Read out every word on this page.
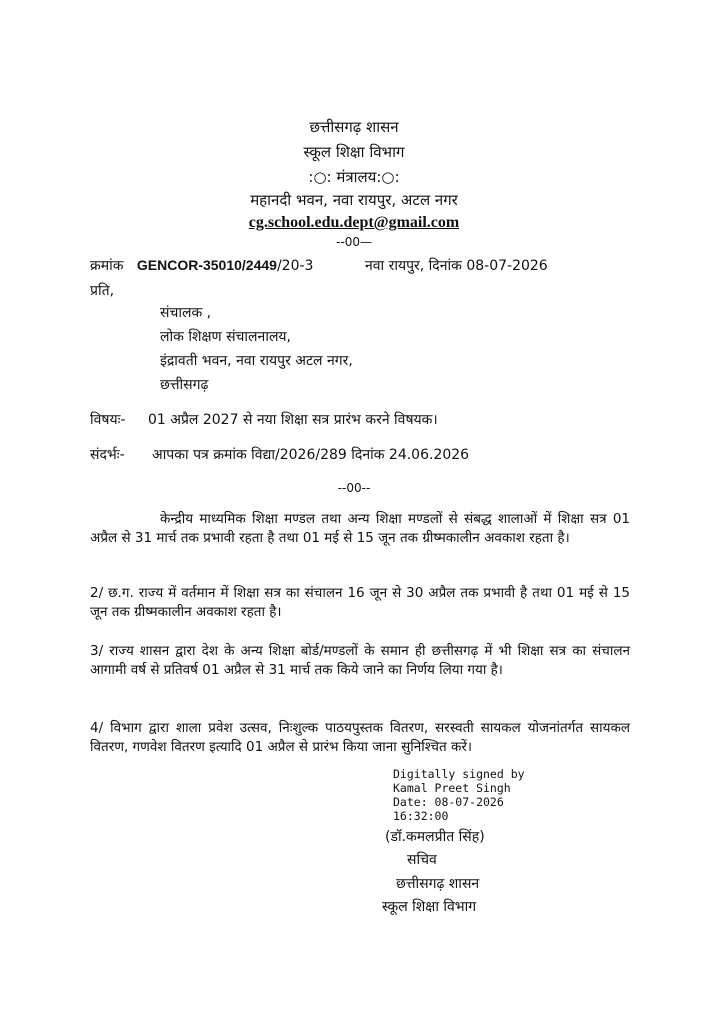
छत्तीसगढ़ शासन
स्कूल शिक्षा विभाग
:○: मंत्रालय:○:
महानदी भवन, नवा रायपुर, अटल नगर
cg.school.edu.dept@gmail.com
--00—
क्रमांक GENCOR-35010/2449/20-3	नवा रायपुर, दिनांक 08-07-2026
प्रति,
संचालक ,
लोक शिक्षण संचालनालय,
इंद्रावती भवन, नवा रायपुर अटल नगर,
छत्तीसगढ़
विषयः- 01 अप्रैल 2027 से नया शिक्षा सत्र प्रारंभ करने विषयक।
संदर्भः- आपका पत्र क्रमांक विद्या/2026/289 दिनांक 24.06.2026
--00--
केन्द्रीय माध्यमिक शिक्षा मण्डल तथा अन्य शिक्षा मण्डलों से संबद्ध शालाओं में शिक्षा सत्र 01 अप्रैल से 31 मार्च तक प्रभावी रहता है तथा 01 मई से 15 जून तक ग्रीष्मकालीन अवकाश रहता है।
2/ छ.ग. राज्य में वर्तमान में शिक्षा सत्र का संचालन 16 जून से 30 अप्रैल तक प्रभावी है तथा 01 मई से 15 जून तक ग्रीष्मकालीन अवकाश रहता है।
3/ राज्य शासन द्वारा देश के अन्य शिक्षा बोर्ड/मण्डलों के समान ही छत्तीसगढ़ में भी शिक्षा सत्र का संचालन आगामी वर्ष से प्रतिवर्ष 01 अप्रैल से 31 मार्च तक किये जाने का निर्णय लिया गया है।
4/ विभाग द्वारा शाला प्रवेश उत्सव, निःशुल्क पाठयपुस्तक वितरण, सरस्वती सायकल योजनांतर्गत सायकल वितरण, गणवेश वितरण इत्यादि 01 अप्रैल से प्रारंभ किया जाना सुनिश्चित करें।
Digitally signed by
Kamal Preet Singh
Date: 08-07-2026
16:32:00
(डॉ.कमलप्रीत सिंह)
सचिव
छत्तीसगढ़ शासन
स्कूल शिक्षा विभाग
